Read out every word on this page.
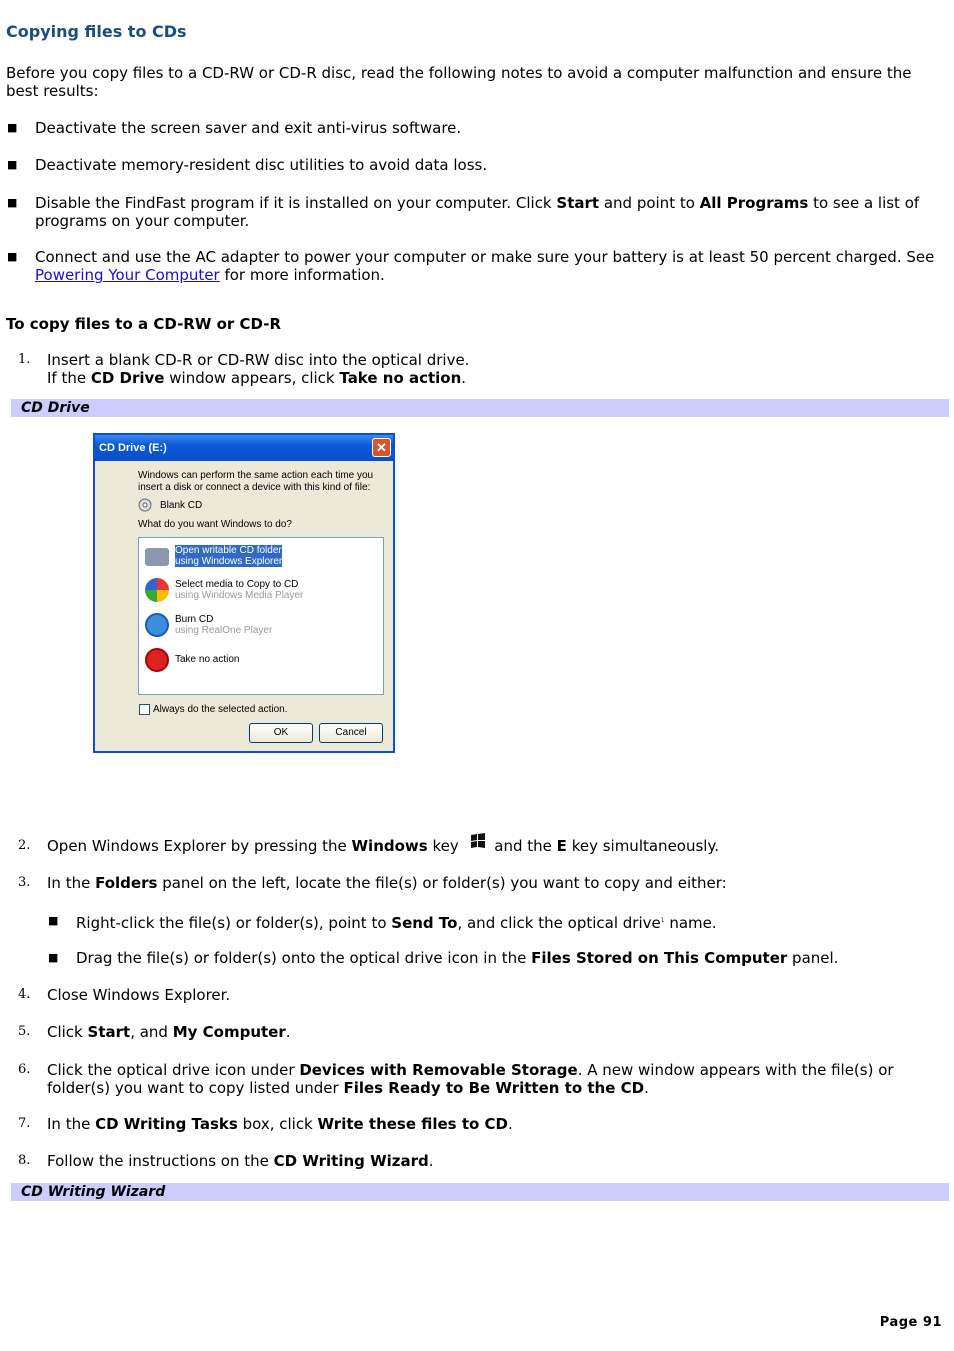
Copying files to CDs
Before you copy files to a CD-RW or CD-R disc, read the following notes to avoid a computer malfunction and ensure the best results:
■ Deactivate the screen saver and exit anti-virus software.
■ Deactivate memory-resident disc utilities to avoid data loss.
■ Disable the FindFast program if it is installed on your computer. Click Start and point to All Programs to see a list of programs on your computer.
■ Connect and use the AC adapter to power your computer or make sure your battery is at least 50 percent charged. See Powering Your Computer for more information.
To copy files to a CD-RW or CD-R
1. Insert a blank CD-R or CD-RW disc into the optical drive.
If the CD Drive window appears, click Take no action.
CD Drive
CD Drive (E:)	✕
Windows can perform the same action each time you insert a disk or connect a device with this kind of file:
Blank CD
What do you want Windows to do?
Open writable CD folder
using Windows Explorer
Select media to Copy to CD
using Windows Media Player
Burn CD
using RealOne Player
Take no action
Always do the selected action.
OK	Cancel
2. Open Windows Explorer by pressing the Windows key  and the E key simultaneously.
3. In the Folders panel on the left, locate the file(s) or folder(s) you want to copy and either:
■ Right-click the file(s) or folder(s), point to Send To, and click the optical drive$^1$ name.
■ Drag the file(s) or folder(s) onto the optical drive icon in the Files Stored on This Computer panel.
4. Close Windows Explorer.
5. Click Start, and My Computer.
6. Click the optical drive icon under Devices with Removable Storage. A new window appears with the file(s) or folder(s) you want to copy listed under Files Ready to Be Written to the CD.
7. In the CD Writing Tasks box, click Write these files to CD.
8. Follow the instructions on the CD Writing Wizard.
CD Writing Wizard
Page 91
